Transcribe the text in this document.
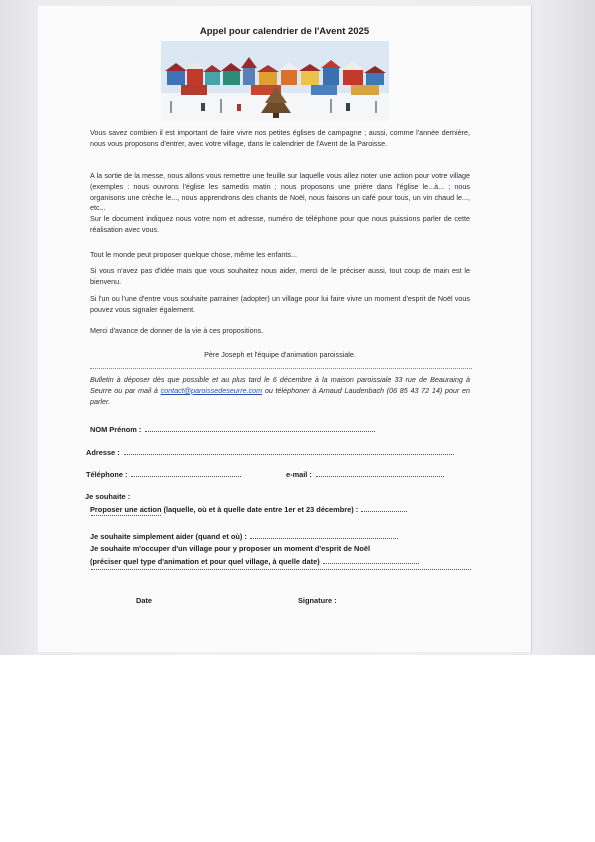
Appel pour calendrier de l'Avent 2025
Vous savez combien il est important de faire vivre nos petites églises de campagne ; aussi, comme l'année dernière, nous vous proposons d'entrer, avec votre village, dans le calendrier de l'Avent de la Paroisse.
A la sortie de la messe, nous allons vous remettre une feuille sur laquelle vous allez noter une action pour votre village (exemples : nous ouvrons l'église les samedis matin ; nous proposons une prière dans l'église le...à... ; nous organisons une crèche le..., nous apprendrons des chants de Noël, nous faisons un café pour tous, un vin chaud le..., etc...
Sur le document indiquez nous votre nom et adresse, numéro de téléphone pour que nous puissions parler de cette réalisation avec vous.
Tout le monde peut proposer quelque chose, même les enfants...
Si vous n'avez pas d'idée mais que vous souhaitez nous aider, merci de le préciser aussi, tout coup de main est le bienvenu.
Si l'un ou l'une d'entre vous souhaite parrainer (adopter) un village pour lui faire vivre un moment d'esprit de Noël vous pouvez vous signaler également.
Merci d'avance de donner de la vie à ces propositions.
Père Joseph et l'équipe d'animation paroissiale.
Bulletin à déposer dès que possible et au plus tard le 6 décembre à la maison paroissiale 33 rue de Beauraing à Seurre ou par mail à contact@paroissedeseurre.com ou téléphoner à Arnaud Laudenbach (06 85 43 72 14) pour en parler.
NOM Prénom :
Adresse :
Téléphone :	e-mail :
Je souhaite :
Proposer une action (laquelle, où et à quelle date entre 1er et 23 décembre) :
Je souhaite simplement aider (quand et où) :
Je souhaite m'occuper d'un village pour y proposer un moment d'esprit de Noël
(préciser quel type d'animation et pour quel village, à quelle date)
Date	Signature :
